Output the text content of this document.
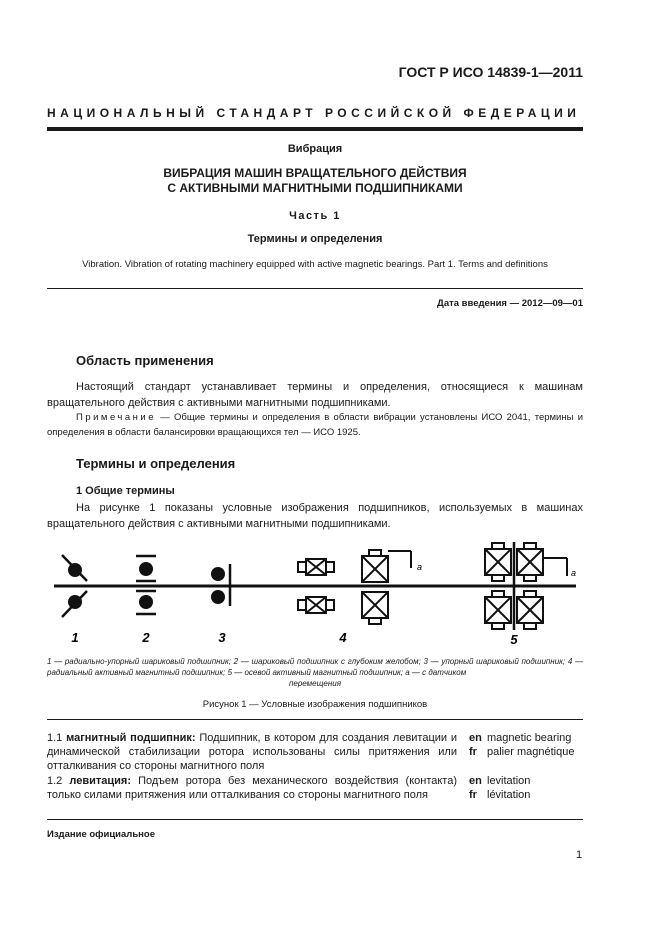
ГОСТ Р ИСО 14839-1—2011
НАЦИОНАЛЬНЫЙ СТАНДАРТ РОССИЙСКОЙ ФЕДЕРАЦИИ
Вибрация
ВИБРАЦИЯ МАШИН ВРАЩАТЕЛЬНОГО ДЕЙСТВИЯ
С АКТИВНЫМИ МАГНИТНЫМИ ПОДШИПНИКАМИ
Часть 1
Термины и определения
Vibration. Vibration of rotating machinery equipped with active magnetic bearings. Part 1. Terms and definitions
Дата введения — 2012—09—01
Область применения
Настоящий стандарт устанавливает термины и определения, относящиеся к машинам вращательного действия с активными магнитными подшипниками.
Примечание — Общие термины и определения в области вибрации установлены ИСО 2041, термины и определения в области балансировки вращающихся тел — ИСО 1925.
Термины и определения
1 Общие термины
На рисунке 1 показаны условные изображения подшипников, используемых в машинах вращательного действия с активными магнитными подшипниками.
a
a
1	2	3	4	5
1 — радиально-упорный шариковый подшипник; 2 — шариковый подшипник с глубоким желобом; 3 — упорный шариковый подшипник; 4 — радиальный активный магнитный подшипник; 5 — осевой активный магнитный подшипник; a — с датчиком
перемещения
Рисунок 1 — Условные изображения подшипников
1.1 магнитный подшипник: Подшипник, в котором для создания левитации и динамической стабилизации ротора использованы силы притяжения или отталкивания со стороны магнитного поля
en magnetic bearing
fr palier magnétique
1.2 левитация: Подъем ротора без механического воздействия (контакта) только силами притяжения или отталкивания со стороны магнитного поля
en levitation
fr lévitation
Издание официальное
1
